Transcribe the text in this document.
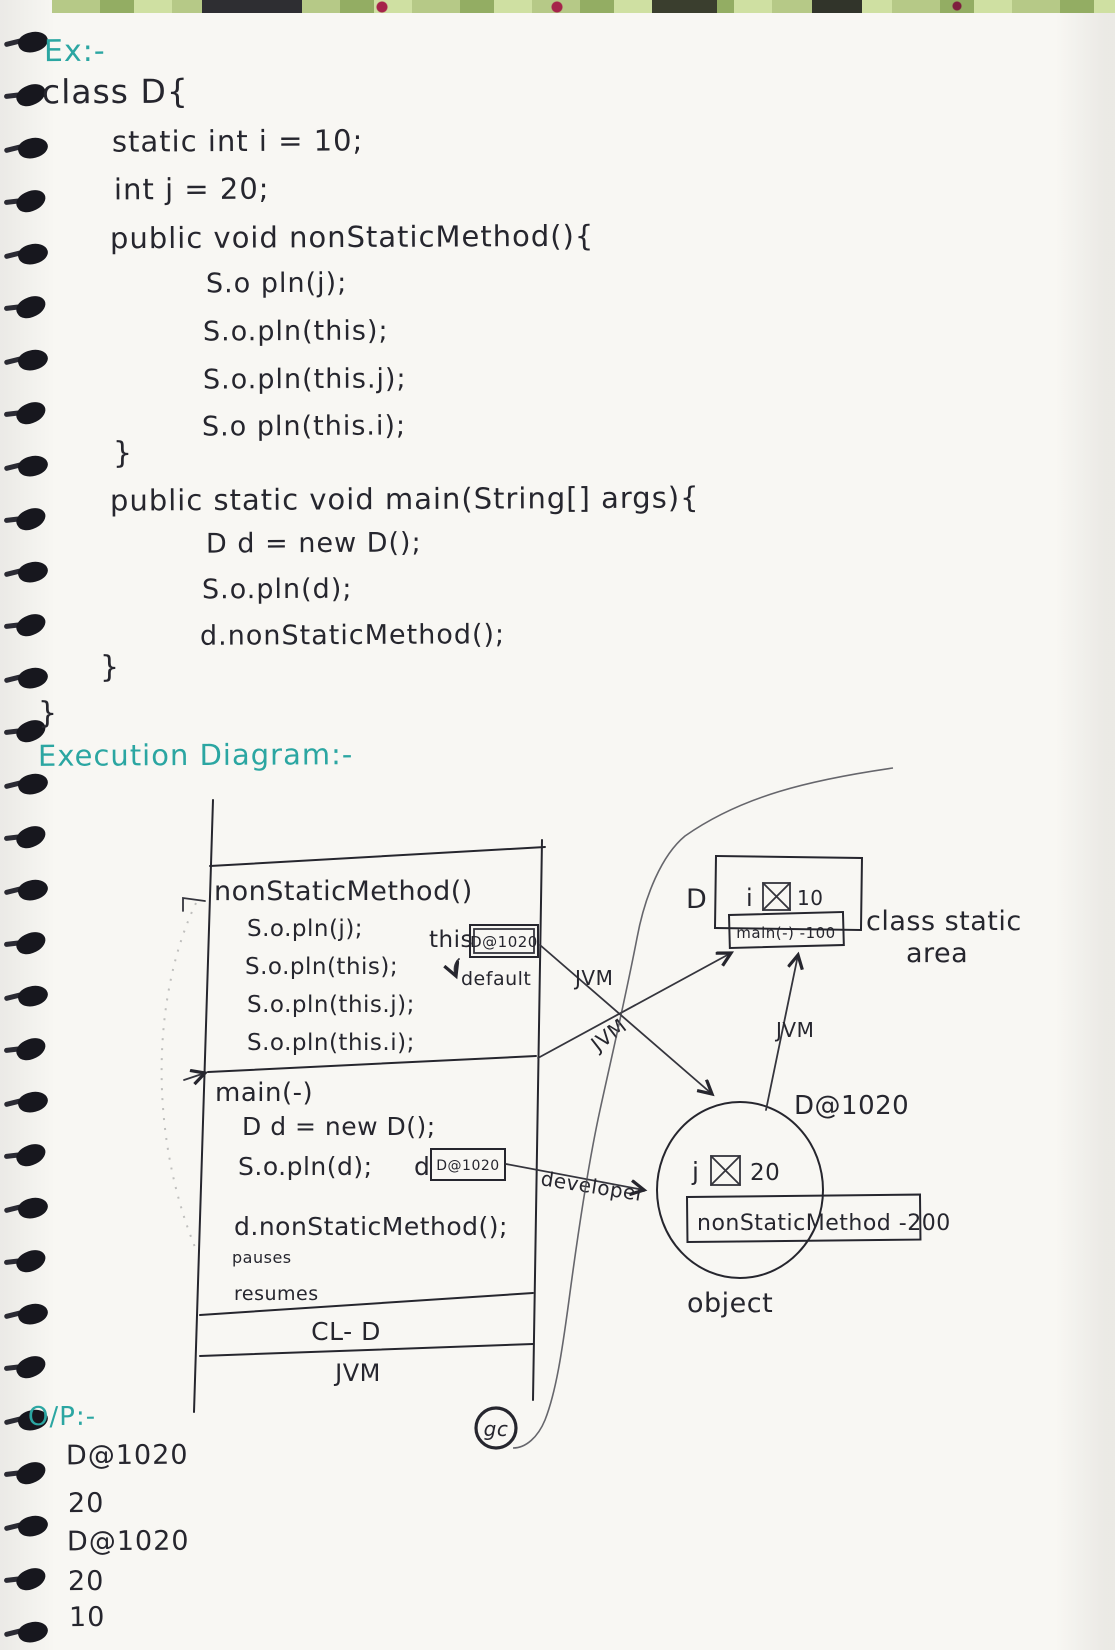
Ex:-
class D{
static int i = 10;
int j = 20;
public void nonStaticMethod(){
S.o pln(j);
S.o.pln(this);
S.o.pln(this.j);
S.o pln(this.i);
}
public static void main(String[] args){
D d = new D();
S.o.pln(d);
d.nonStaticMethod();
}
}
Execution Diagram:-
nonStaticMethod()
S.o.pln(j);
S.o.pln(this);
S.o.pln(this.j);
S.o.pln(this.i);
this
D@1020
default
main(-)
D d = new D();
S.o.pln(d); d D@1020
d.nonStaticMethod();
pauses
resumes
CL- D
JVM
D i 10
main(-) -100 class static
area
D@1020
j 20
nonStaticMethod -200
object
JVM
JVM	JVM
developer
gc
O/P:-
D@1020
20
D@1020
20
10
